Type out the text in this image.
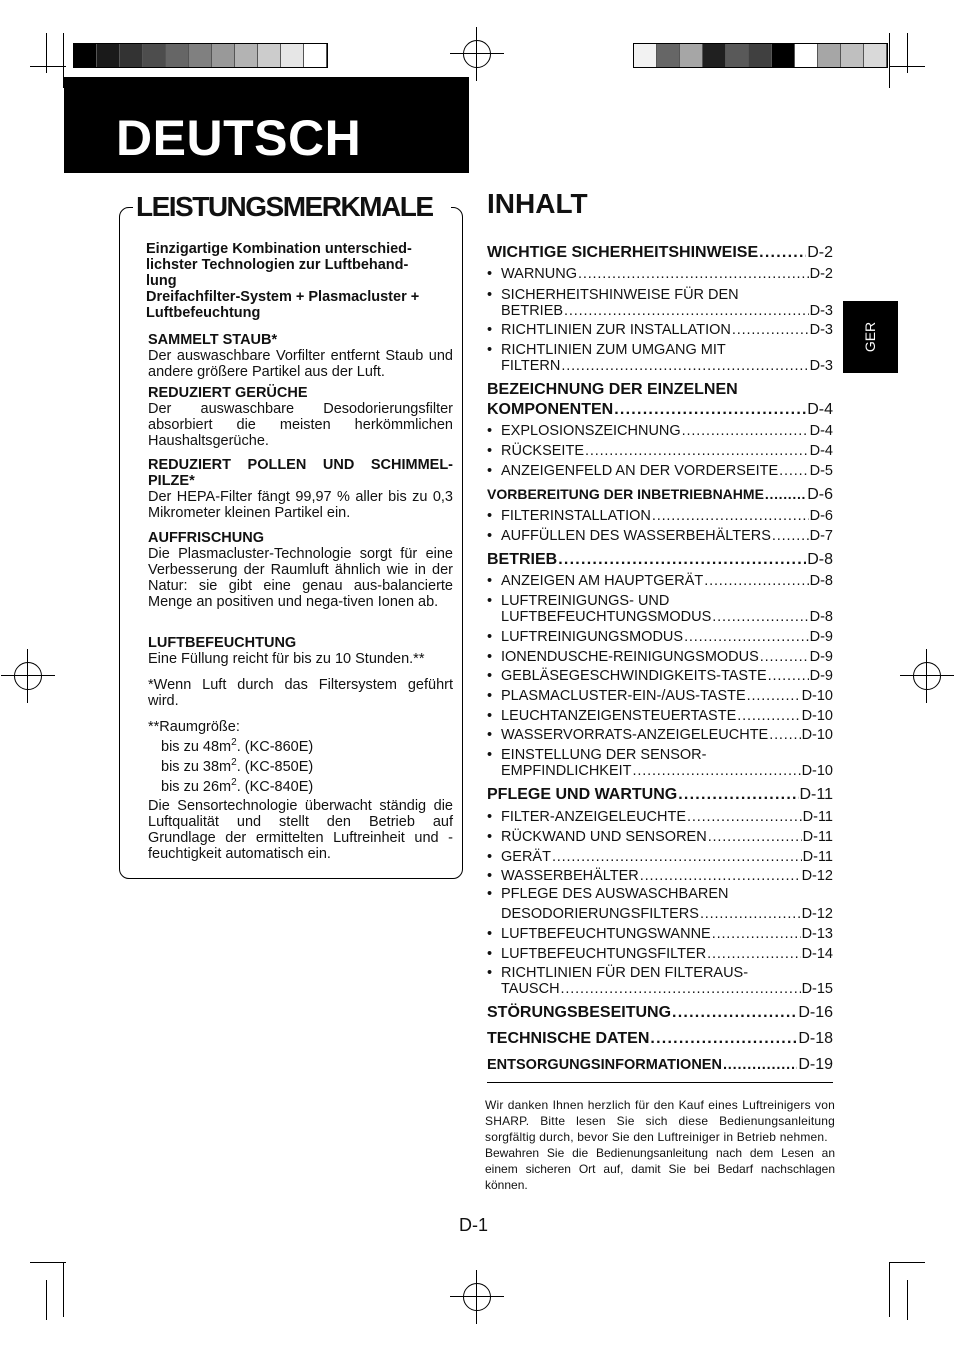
DEUTSCH
LEISTUNGSMERKMALE
Einzigartige Kombination unterschied-
lichster Technologien zur Luftbehand-
lung
Dreifachfilter-System + Plasmacluster +
Luftbefeuchtung
SAMMELT STAUB*
Der auswaschbare Vorfilter entfernt Staub und andere größere Partikel aus der Luft.
REDUZIERT GERÜCHE
Der auswaschbare Desodorierungsfilter absorbiert die meisten herkömmlichen Haushaltsgerüche.
REDUZIERT POLLEN UND SCHIMMEL-PILZE*
Der HEPA-Filter fängt 99,97 % aller bis zu 0,3 Mikrometer kleinen Partikel ein.
AUFFRISCHUNG
Die Plasmacluster-Technologie sorgt für eine Verbesserung der Raumluft ähnlich wie in der Natur: sie gibt eine genau aus-balancierte Menge an positiven und nega-tiven Ionen ab.
LUFTBEFEUCHTUNG
Eine Füllung reicht für bis zu 10 Stunden.**
*Wenn Luft durch das Filtersystem geführt wird.
**Raumgröße:
bis zu $48m^2$. (KC-860E)
bis zu $38m^2$. (KC-850E)
bis zu $26m^2$. (KC-840E)
Die Sensortechnologie überwacht ständig die Luftqualität und stellt den Betrieb auf Grundlage der ermittelten Luftreinheit und -feuchtigkeit automatisch ein.
INHALT
WICHTIGE SICHERHEITSHINWEISE . . .	D-2
• WARNUNG . . .	D-2
• SICHERHEITSHINWEISE FÜR DEN
BETRIEB . . .	D-3
• RICHTLINIEN ZUR INSTALLATION . . .	D-3
• RICHTLINIEN ZUM UMGANG MIT
FILTERN . . .	D-3
BEZEICHNUNG DER EINZELNEN
KOMPONENTEN . . .	D-4
• EXPLOSIONSZEICHNUNG . . .	D-4
• RÜCKSEITE . . .	D-4
• ANZEIGENFELD AN DER VORDERSEITE . . . D-5
VORBEREITUNG DER INBETRIEBNAHME . . .	D-6
• FILTERINSTALLATION . . .	D-6
• AUFFÜLLEN DES WASSERBEHÄLTERS . . .	D-7
BETRIEB . . .	D-8
• ANZEIGEN AM HAUPTGERÄT . . .	D-8
• LUFTREINIGUNGS- UND
LUFTBEFEUCHTUNGSMODUS . . .	D-8
• LUFTREINIGUNGSMODUS . . .	D-9
• IONENDUSCHE-REINIGUNGSMODUS . . .	D-9
• GEBLÄSEGESCHWINDIGKEITS-TASTE . . .	D-9
• PLASMACLUSTER-EIN-/AUS-TASTE . . .	D-10
• LEUCHTANZEIGENSTEUERTASTE . . .	D-10
• WASSERVORRATS-ANZEIGELEUCHTE . . . D-10
• EINSTELLUNG DER SENSOR-
EMPFINDLICHKEIT . . .	D-10
PFLEGE UND WARTUNG . . .	D-11
• FILTER-ANZEIGELEUCHTE . . .	D-11
• RÜCKWAND UND SENSOREN . . .	D-11
• GERÄT . . .	D-11
• WASSERBEHÄLTER . . .	D-12
• PFLEGE DES AUSWASCHBAREN
DESODORIERUNGSFILTERS . . .	D-12
• LUFTBEFEUCHTUNGSWANNE . . .	D-13
• LUFTBEFEUCHTUNGSFILTER . . .	D-14
• RICHTLINIEN FÜR DEN FILTERAUS-
TAUSCH . . .	D-15
STÖRUNGSBESEITUNG . . .	D-16
TECHNISCHE DATEN . . .	D-18
ENTSORGUNGSINFORMATIONEN . . .	D-19
Wir danken Ihnen herzlich für den Kauf eines Luftreinigers von SHARP. Bitte lesen Sie sich diese Bedienungsanleitung sorgfältig durch, bevor Sie den Luftreiniger in Betrieb nehmen.
Bewahren Sie die Bedienungsanleitung nach dem Lesen an einem sicheren Ort auf, damit Sie bei Bedarf nachschlagen können.
D-1
GER
